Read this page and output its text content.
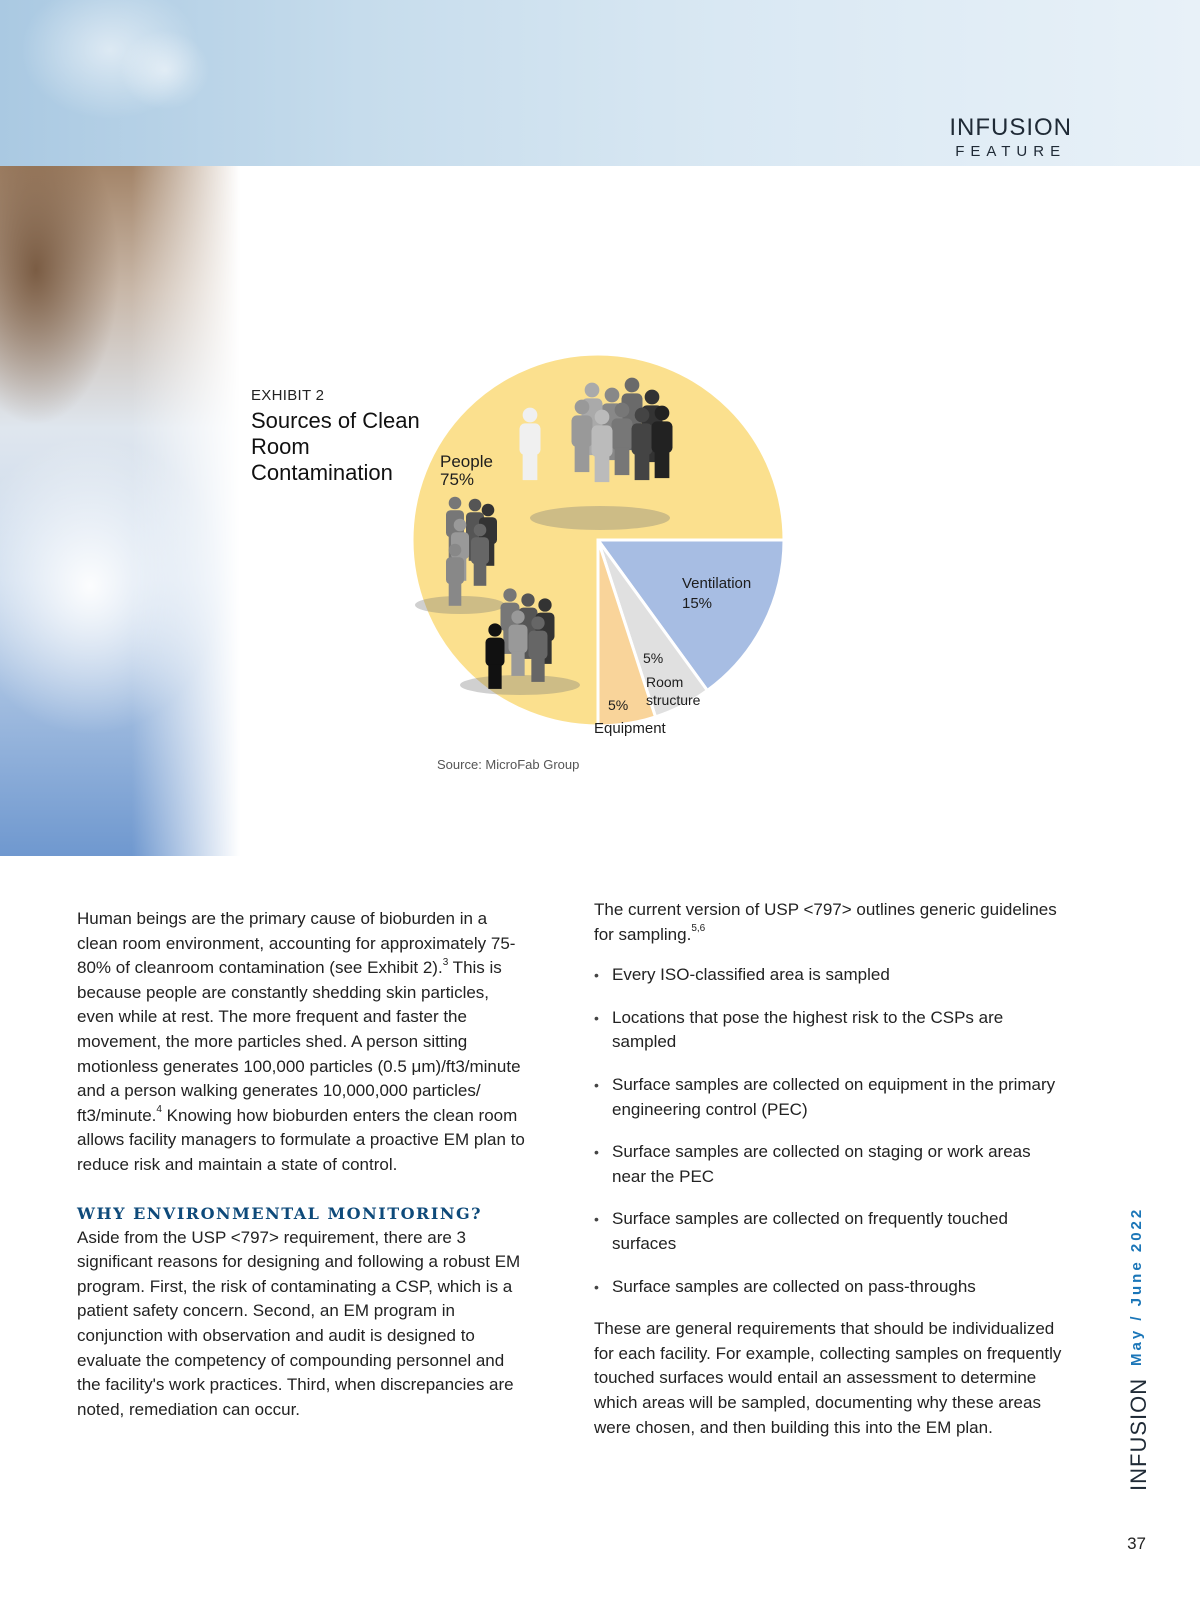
INFUSION
FEATURE
EXHIBIT 2
Sources of Clean Room Contamination	People
75%
Ventilation
15%
5%
Room structure
5%
Equipment
Source: MicroFab Group

Human beings are the primary cause of bioburden in a clean room environment, accounting for approximately 75-80% of cleanroom contamination (see Exhibit 2).$^3$ This is because people are constantly shedding skin particles, even while at rest. The more frequent and faster the movement, the more particles shed. A person sitting motionless generates 100,000 particles (0.5 μm)/ft3/minute and a person walking generates 10,000,000 particles/ ft3/minute.$^4$ Knowing how bioburden enters the clean room allows facility managers to formulate a proactive EM plan to reduce risk and maintain a state of control.

WHY ENVIRONMENTAL MONITORING?

Aside from the USP <797> requirement, there are 3 significant reasons for designing and following a robust EM program. First, the risk of contaminating a CSP, which is a patient safety concern. Second, an EM program in conjunction with observation and audit is designed to evaluate the competency of compounding personnel and the facility's work practices. Third, when discrepancies are noted, remediation can occur.

The current version of USP <797> outlines generic guidelines for sampling.$^{5,6}$

• Every ISO-classified area is sampled
• Locations that pose the highest risk to the CSPs are sampled
• Surface samples are collected on equipment in the primary engineering control (PEC)
• Surface samples are collected on staging or work areas near the PEC
• Surface samples are collected on frequently touched surfaces
• Surface samples are collected on pass-throughs

These are general requirements that should be individualized for each facility. For example, collecting samples on frequently touched surfaces would entail an assessment to determine which areas will be sampled, documenting why these areas were chosen, and then building this into the EM plan.

May / June 2022
INFUSION
37
